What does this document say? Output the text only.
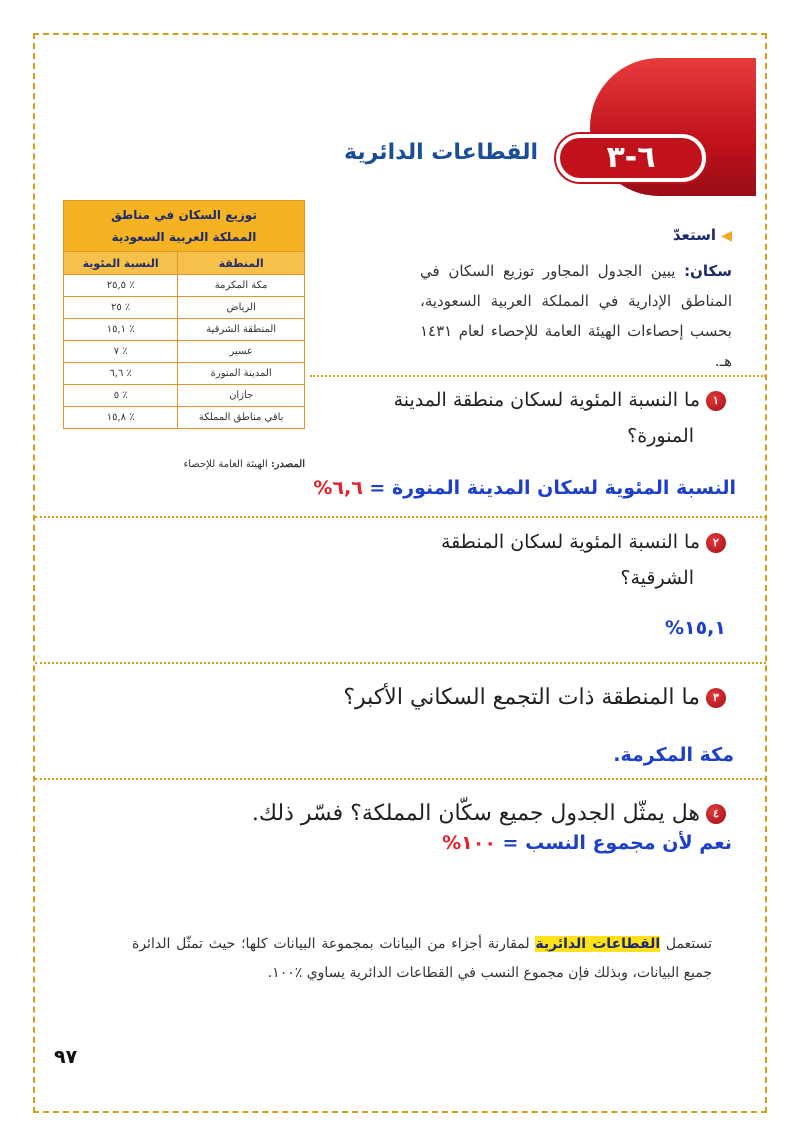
٦-٣
القطاعات الدائرية
◀ استعدّ
سكان: يبين الجدول المجاور توزيع السكان في المناطق الإدارية في المملكة العربية السعودية، بحسب إحصاءات الهيئة العامة للإحصاء لعام ١٤٣١ هـ.
توزيع السكان في مناطق
المملكة العربية السعودية	

المنطقة	النسبة المئوية
مكة المكرمة	٪ ٢٥,٥
الرياض	٪ ٢٥
المنطقة الشرقية	٪ ١٥,١
عسير	٪ ٧
المدينة المنورة	٪ ٦,٦
جازان	٪ ٥
باقي مناطق المملكة	٪ ١٥,٨
المصدر: الهيئة العامة للإحصاء
١ما النسبة المئوية لسكان منطقة المدينة
المنورة؟
النسبة المئوية لسكان المدينة المنورة = ٦,٦%
٢ما النسبة المئوية لسكان المنطقة
الشرقية؟
١٥,١%
٣ما المنطقة ذات التجمع السكاني الأكبر؟
مكة المكرمة.
٤هل يمثّل الجدول جميع سكّان المملكة؟ فسّر ذلك.
نعم لأن مجموع النسب = ١٠٠%
تستعمل القطاعات الدائرية لمقارنة أجزاء من البيانات بمجموعة البيانات كلها؛ حيث تمثّل الدائرة جميع البيانات، وبذلك فإن مجموع النسب في القطاعات الدائرية يساوي ٪١٠٠.
٩٧
